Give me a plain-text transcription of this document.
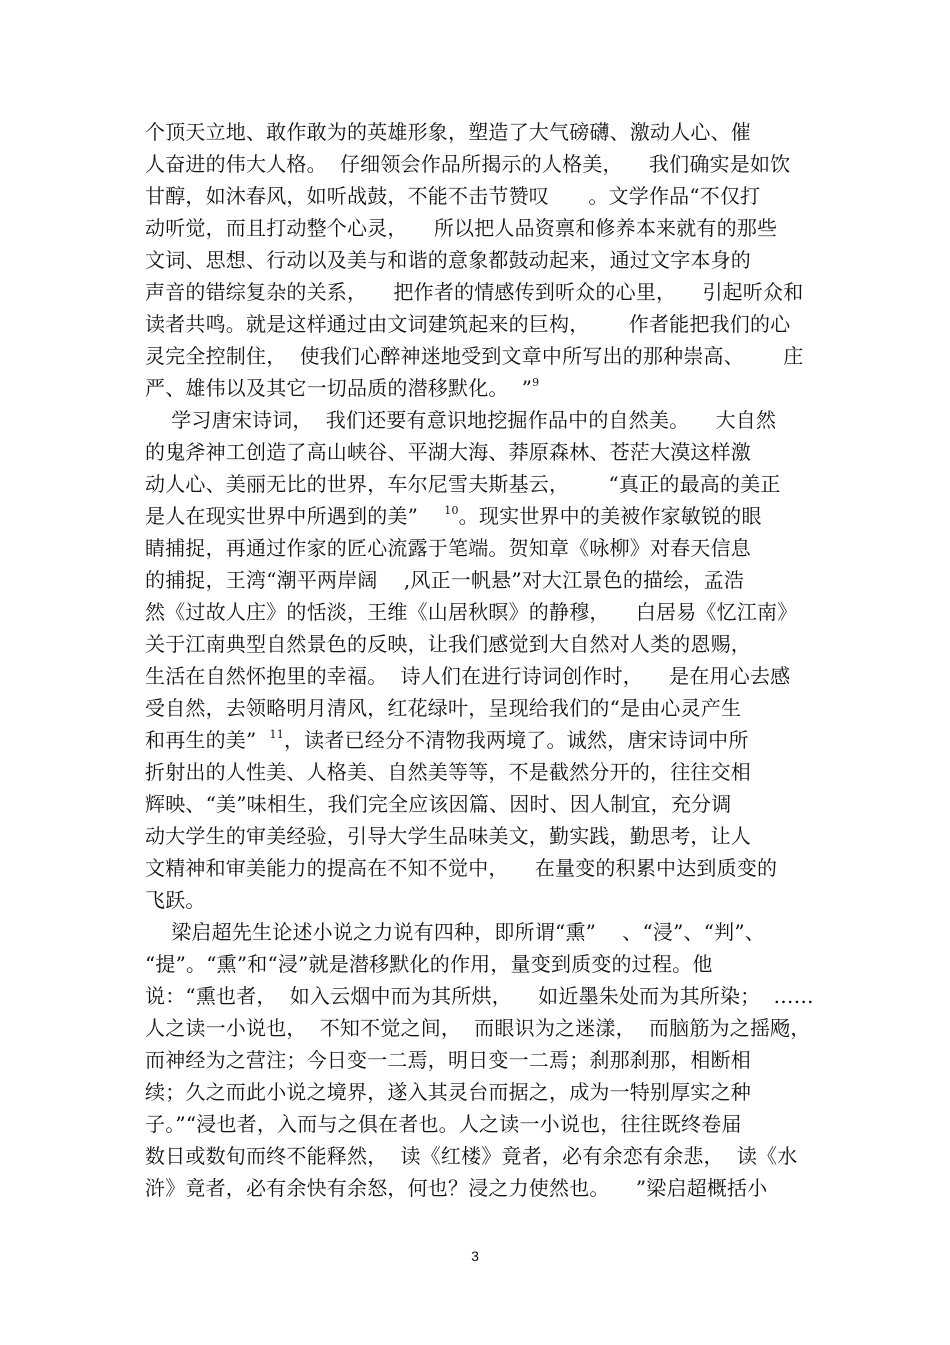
个顶天立地、敢作敢为的英雄形象，塑造了大气磅礴、激动人心、催
人奋进的伟大人格。  仔细领会作品所揭示的人格美，    我们确实是如饮
甘醇，如沐春风，如听战鼓，不能不击节赞叹      。文学作品“不仅打
动听觉，而且打动整个心灵，    所以把人品资禀和修养本来就有的那些
文词、思想、行动以及美与和谐的意象都鼓动起来，通过文字本身的
声音的错综复杂的关系，    把作者的情感传到听众的心里，    引起听众和
读者共鸣。就是这样通过由文词建筑起来的巨构，      作者能把我们的心
灵完全控制住，  使我们心醉神迷地受到文章中所写出的那种崇高、      庄
严、雄伟以及其它一切品质的潜移默化。  ”$^9$
学习唐宋诗词，  我们还要有意识地挖掘作品中的自然美。    大自然
的鬼斧神工创造了高山峡谷、平湖大海、莽原森林、苍茫大漠这样激
动人心、美丽无比的世界，车尔尼雪夫斯基云，      “真正的最高的美正
是人在现实世界中所遇到的美”    $^{10}$。现实世界中的美被作家敏锐的眼
睛捕捉，再通过作家的匠心流露于笔端。贺知章《咏柳》对春天信息
的捕捉，王湾“潮平两岸阔    ,风正一帆悬”对大江景色的描绘，孟浩
然《过故人庄》的恬淡，王维《山居秋暝》的静穆，    白居易《忆江南》
关于江南典型自然景色的反映，让我们感觉到大自然对人类的恩赐，
生活在自然怀抱里的幸福。  诗人们在进行诗词创作时，    是在用心去感
受自然，去领略明月清风，红花绿叶，呈现给我们的“是由心灵产生
和再生的美”  $^{11}$，读者已经分不清物我两境了。诚然，唐宋诗词中所
折射出的人性美、人格美、自然美等等，不是截然分开的，往往交相
辉映、“美”味相生，我们完全应该因篇、因时、因人制宜，充分调
动大学生的审美经验，引导大学生品味美文，勤实践，勤思考，让人
文精神和审美能力的提高在不知不觉中，    在量变的积累中达到质变的
飞跃。
梁启超先生论述小说之力说有四种，即所谓“熏”    、“浸”、“判”、
“提”。“熏”和“浸”就是潜移默化的作用，量变到质变的过程。他
说：“熏也者，  如入云烟中而为其所烘，    如近墨朱处而为其所染；  ……
人之读一小说也，  不知不觉之间，  而眼识为之迷漾，  而脑筋为之摇飏，
而神经为之营注；今日变一二焉，明日变一二焉；刹那刹那，相断相
续；久之而此小说之境界，遂入其灵台而据之，成为一特别厚实之种
子。”“浸也者，入而与之俱在者也。人之读一小说也，往往既终卷届
数日或数旬而终不能释然，  读《红楼》竟者，必有余恋有余悲，  读《水
浒》竟者，必有余快有余怒，何也？浸之力使然也。    ”梁启超概括小
3
